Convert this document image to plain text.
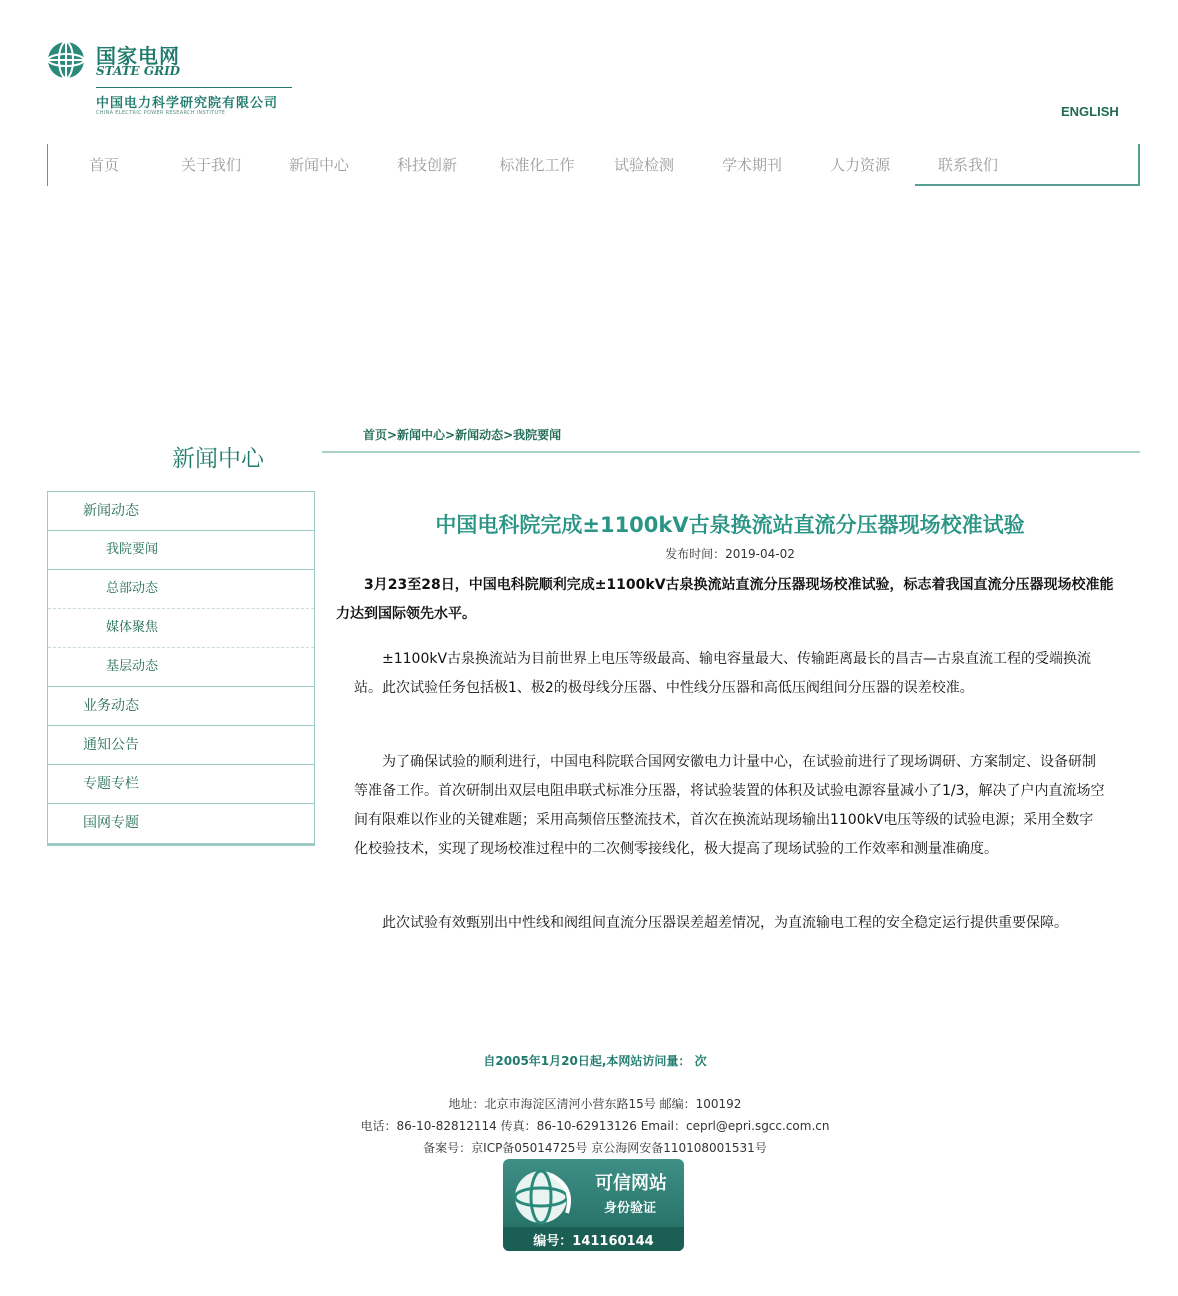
国家电网
STATE GRID
中国电力科学研究院有限公司
CHINA ELECTRIC POWER RESEARCH INSTITUTE	ENGLISH
首页	关于我们	新闻中心	科技创新	标准化工作	试验检测	学术期刊	人力资源	联系我们
新闻中心
新闻动态
我院要闻
总部动态
媒体聚焦
基层动态
业务动态
通知公告
专题专栏
国网专题
首页>新闻中心>新闻动态>我院要闻
中国电科院完成±1100kV古泉换流站直流分压器现场校准试验
发布时间：2019-04-02

3月23至28日，中国电科院顺利完成±1100kV古泉换流站直流分压器现场校准试验，标志着我国直流分压器现场校准能力达到国际领先水平。

±1100kV古泉换流站为目前世界上电压等级最高、输电容量最大、传输距离最长的昌吉—古泉直流工程的受端换流站。此次试验任务包括极1、极2的极母线分压器、中性线分压器和高低压阀组间分压器的误差校准。

为了确保试验的顺利进行，中国电科院联合国网安徽电力计量中心，在试验前进行了现场调研、方案制定、设备研制等准备工作。首次研制出双层电阻串联式标准分压器，将试验装置的体积及试验电源容量减小了1/3，解决了户内直流场空间有限难以作业的关键难题；采用高频倍压整流技术，首次在换流站现场输出1100kV电压等级的试验电源；采用全数字化校验技术，实现了现场校准过程中的二次侧零接线化，极大提高了现场试验的工作效率和测量准确度。

此次试验有效甄别出中性线和阀组间直流分压器误差超差情况，为直流输电工程的安全稳定运行提供重要保障。

自2005年1月20日起,本网站访问量： 次
地址：北京市海淀区清河小营东路15号 邮编：100192
电话：86-10-82812114 传真：86-10-62913126 Email：ceprl@epri.sgcc.com.cn
备案号：京ICP备05014725号 京公海网安备110108001531号
可信网站
身份验证
编号：141160144
